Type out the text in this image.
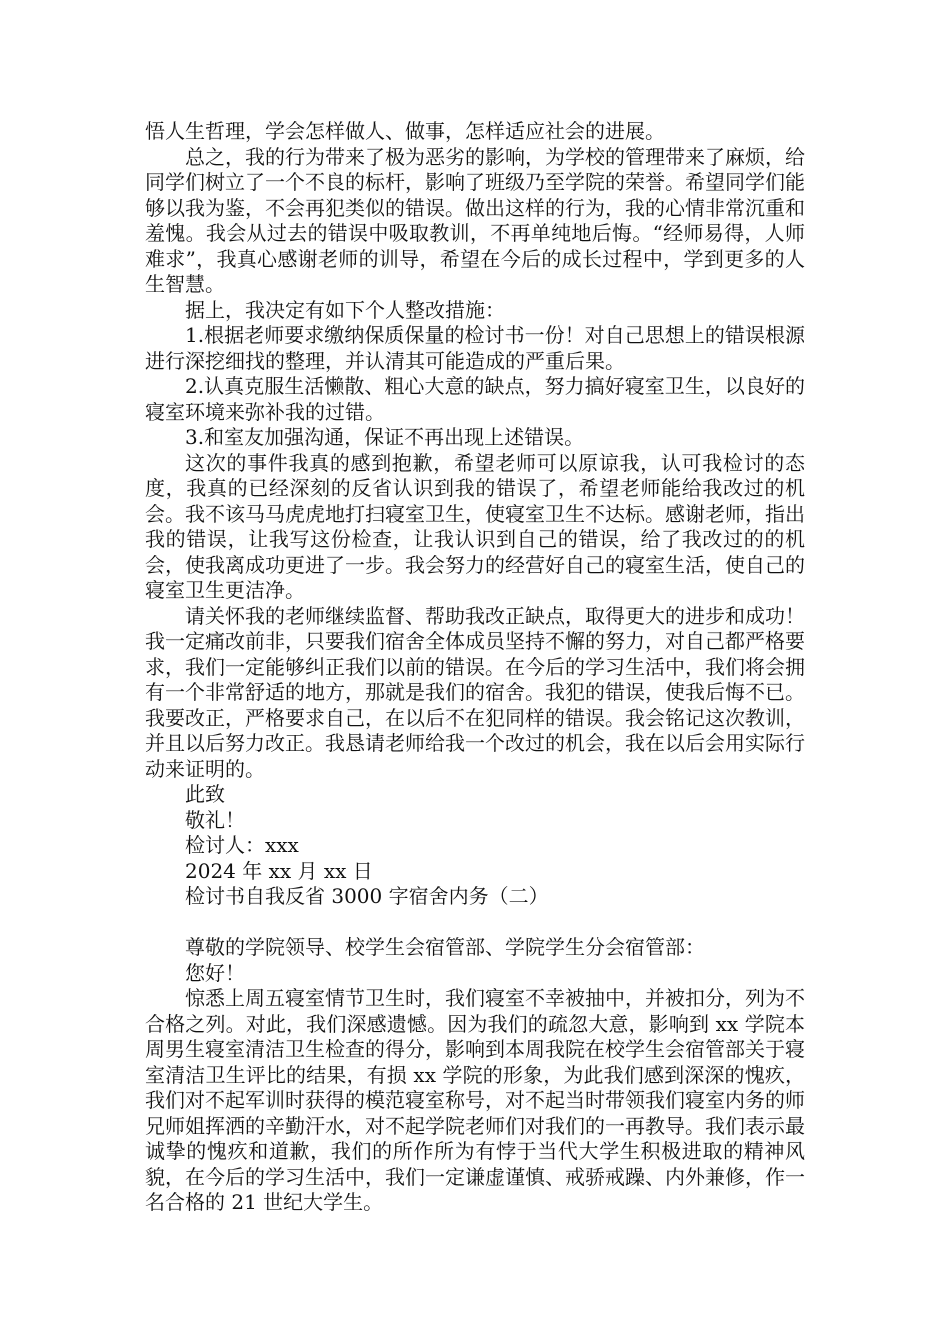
悟人生哲理，学会怎样做人、做事，怎样适应社会的进展。

总之，我的行为带来了极为恶劣的影响，为学校的管理带来了麻烦，给同学们树立了一个不良的标杆，影响了班级乃至学院的荣誉。希望同学们能够以我为鉴，不会再犯类似的错误。做出这样的行为，我的心情非常沉重和羞愧。我会从过去的错误中吸取教训，不再单纯地后悔。“经师易得，人师难求”，我真心感谢老师的训导，希望在今后的成长过程中，学到更多的人生智慧。

据上，我决定有如下个人整改措施：

1.根据老师要求缴纳保质保量的检讨书一份！对自己思想上的错误根源进行深挖细找的整理，并认清其可能造成的严重后果。

2.认真克服生活懒散、粗心大意的缺点，努力搞好寝室卫生，以良好的寝室环境来弥补我的过错。

3.和室友加强沟通，保证不再出现上述错误。

这次的事件我真的感到抱歉，希望老师可以原谅我，认可我检讨的态度，我真的已经深刻的反省认识到我的错误了，希望老师能给我改过的机会。我不该马马虎虎地打扫寝室卫生，使寝室卫生不达标。感谢老师，指出我的错误，让我写这份检查，让我认识到自己的错误，给了我改过的的机会，使我离成功更进了一步。我会努力的经营好自己的寝室生活，使自己的寝室卫生更洁净。

请关怀我的老师继续监督、帮助我改正缺点，取得更大的进步和成功！我一定痛改前非，只要我们宿舍全体成员坚持不懈的努力，对自己都严格要求，我们一定能够纠正我们以前的错误。在今后的学习生活中，我们将会拥有一个非常舒适的地方，那就是我们的宿舍。我犯的错误，使我后悔不已。我要改正，严格要求自己，在以后不在犯同样的错误。我会铭记这次教训，并且以后努力改正。我恳请老师给我一个改过的机会，我在以后会用实际行动来证明的。

此致

敬礼！

检讨人：xxx

2024 年 xx 月 xx 日

检讨书自我反省 3000 字宿舍内务（二）

尊敬的学院领导、校学生会宿管部、学院学生分会宿管部：

您好！

惊悉上周五寝室情节卫生时，我们寝室不幸被抽中，并被扣分，列为不合格之列。对此，我们深感遗憾。因为我们的疏忽大意，影响到 xx 学院本周男生寝室清洁卫生检查的得分，影响到本周我院在校学生会宿管部关于寝室清洁卫生评比的结果，有损 xx 学院的形象，为此我们感到深深的愧疚，我们对不起军训时获得的模范寝室称号，对不起当时带领我们寝室内务的师兄师姐挥洒的辛勤汗水，对不起学院老师们对我们的一再教导。我们表示最诚挚的愧疚和道歉，我们的所作所为有悖于当代大学生积极进取的精神风貌，在今后的学习生活中，我们一定谦虚谨慎、戒骄戒躁、内外兼修，作一名合格的 21 世纪大学生。
